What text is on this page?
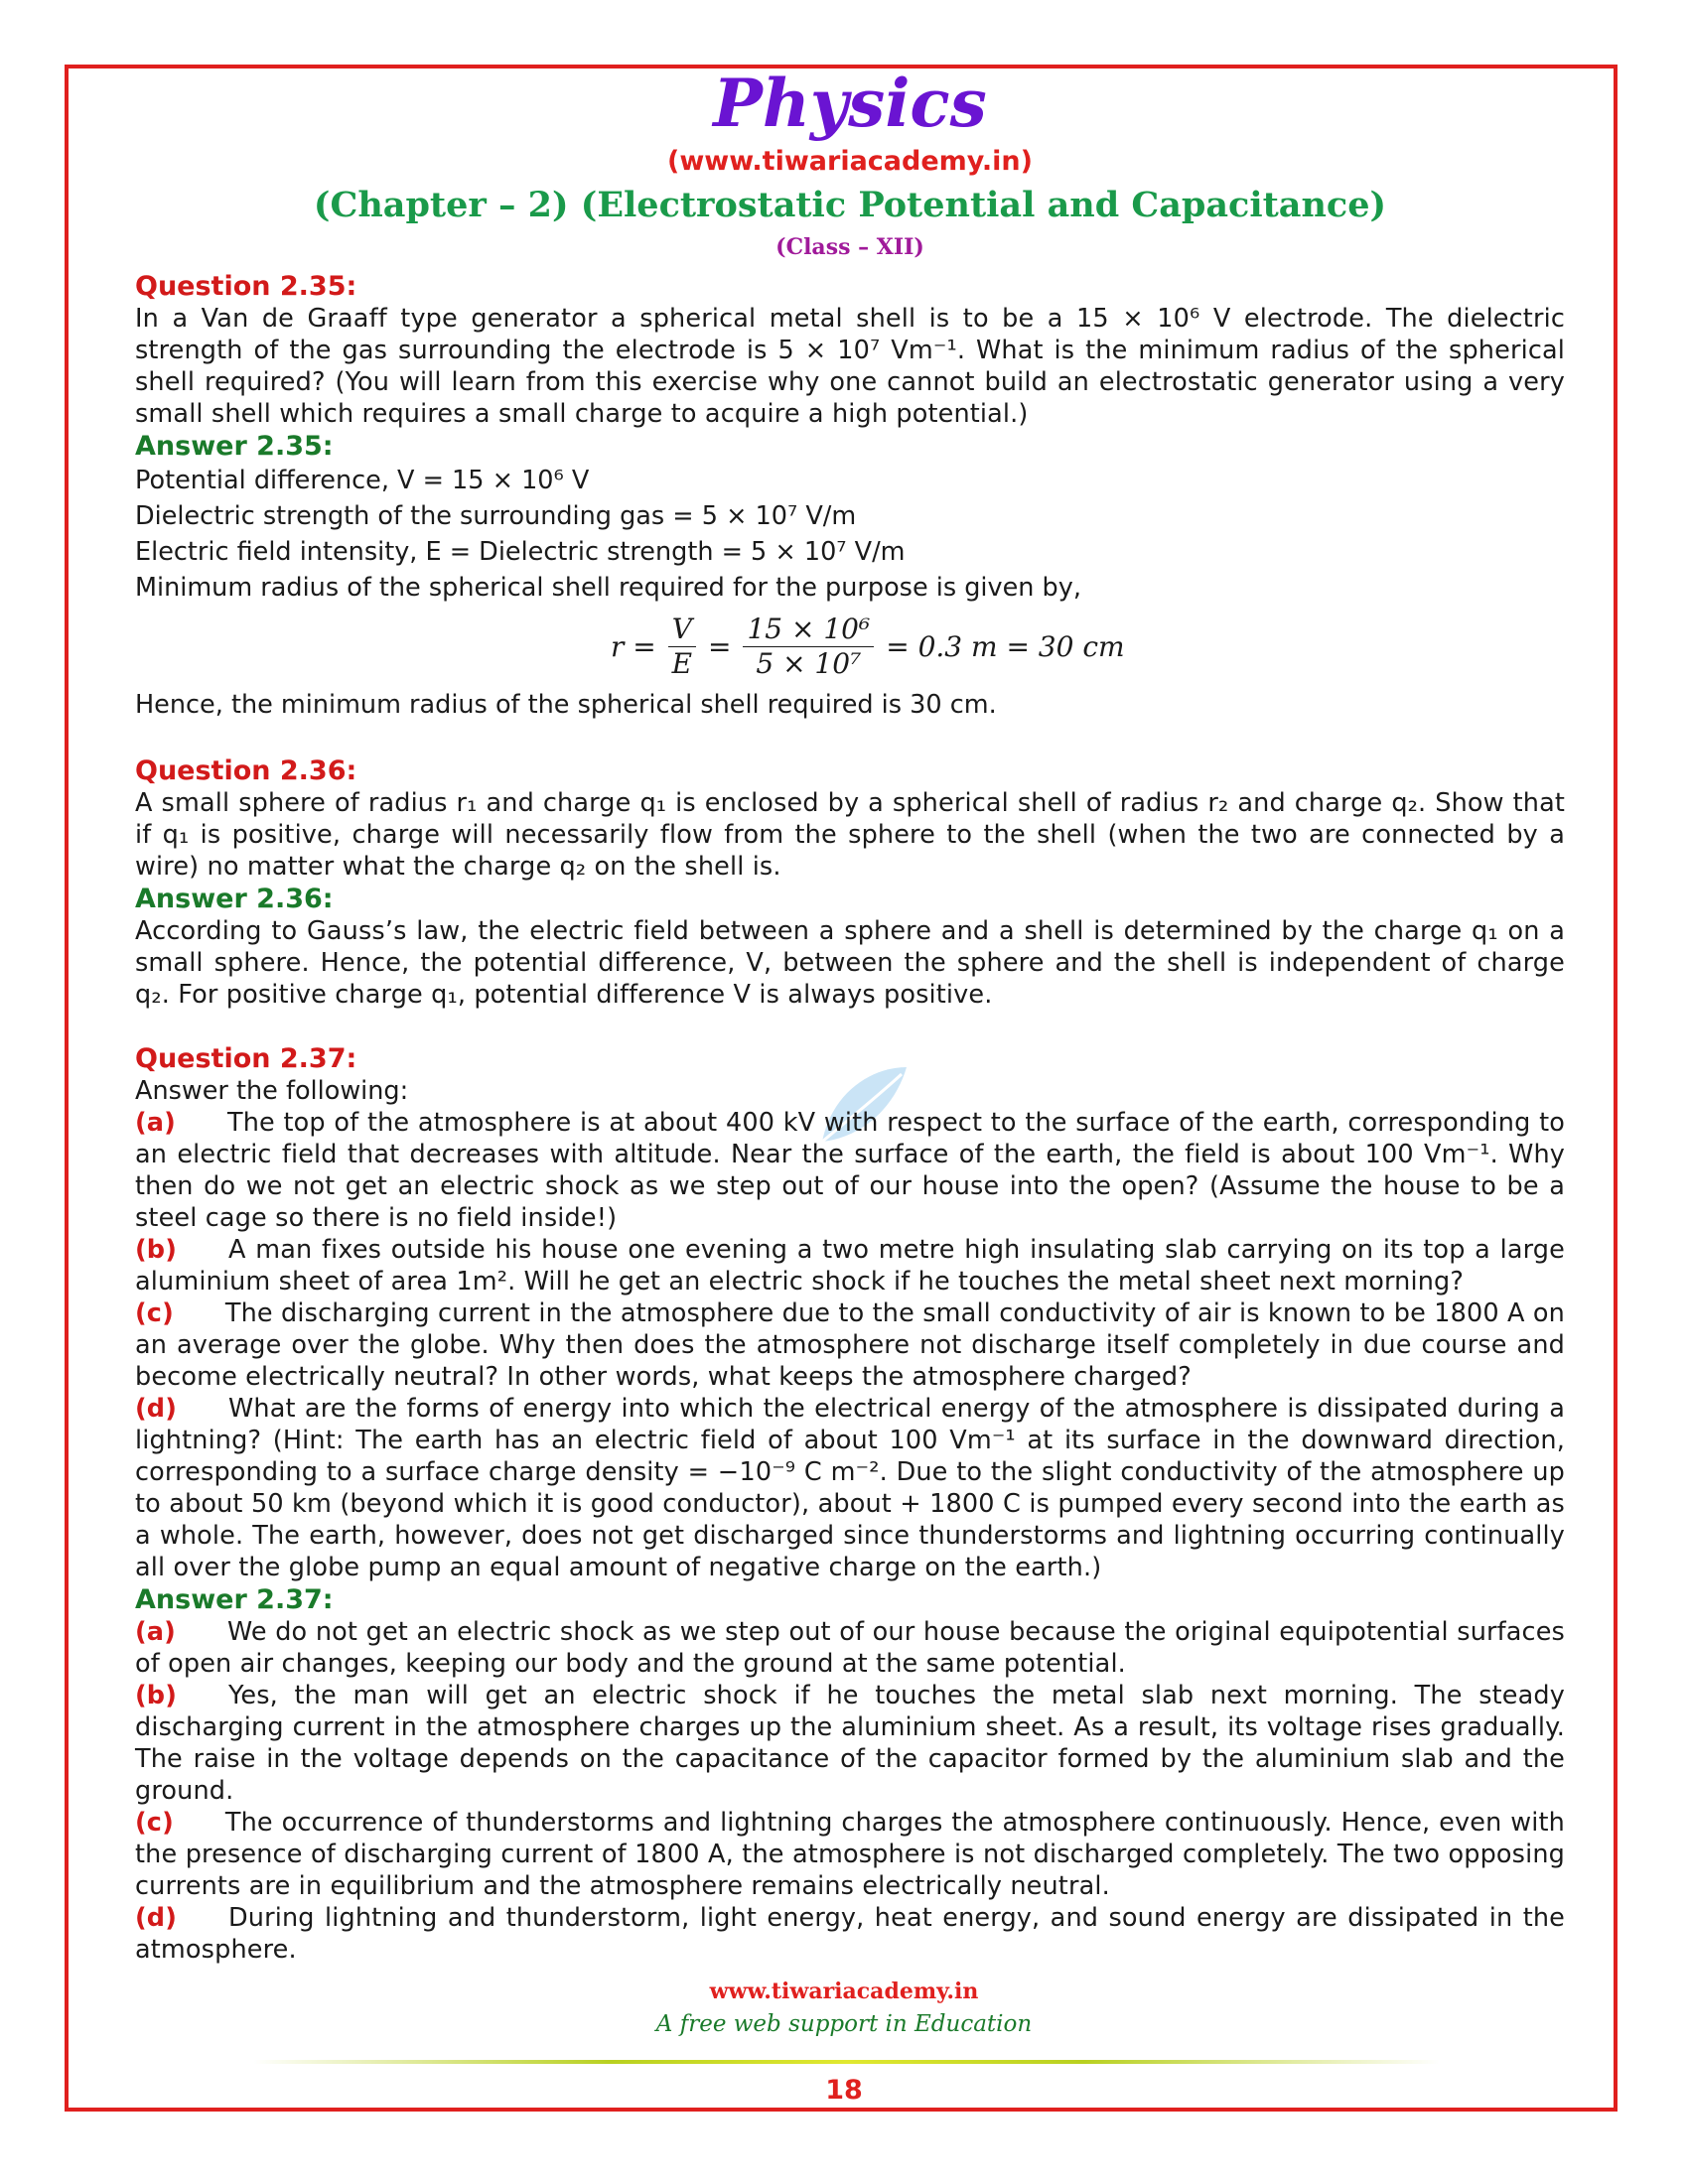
Physics
(www.tiwariacademy.in)
(Chapter – 2) (Electrostatic Potential and Capacitance)
(Class – XII)
Question 2.35:

In a Van de Graaff type generator a spherical metal shell is to be a 15 × 10⁶ V electrode. The dielectric strength of the gas surrounding the electrode is 5 × 10⁷ Vm⁻¹. What is the minimum radius of the spherical shell required? (You will learn from this exercise why one cannot build an electrostatic generator using a very small shell which requires a small charge to acquire a high potential.)

Answer 2.35:
Potential difference, V = 15 × 10⁶ V
Dielectric strength of the surrounding gas = 5 × 10⁷ V/m
Electric field intensity, E = Dielectric strength = 5 × 10⁷ V/m
Minimum radius of the spherical shell required for the purpose is given by,
$r = \frac{V}{E} = \frac{\text{15 × 10⁶}}{\text{5 × 10⁷}} = 0.3$ m = 30 cm
Hence, the minimum radius of the spherical shell required is 30 cm.
Question 2.36:

A small sphere of radius r₁ and charge q₁ is enclosed by a spherical shell of radius r₂ and charge q₂. Show that if q₁ is positive, charge will necessarily flow from the sphere to the shell (when the two are connected by a wire) no matter what the charge q₂ on the shell is.

Answer 2.36:

According to Gauss’s law, the electric field between a sphere and a shell is determined by the charge q₁ on a small sphere. Hence, the potential difference, V, between the sphere and the shell is independent of charge q₂. For positive charge q₁, potential difference V is always positive.

Question 2.37:
Answer the following:

(a) The top of the atmosphere is at about 400 kV with respect to the surface of the earth, corresponding to an electric field that decreases with altitude. Near the surface of the earth, the field is about 100 Vm⁻¹. Why then do we not get an electric shock as we step out of our house into the open? (Assume the house to be a steel cage so there is no field inside!)

(b) A man fixes outside his house one evening a two metre high insulating slab carrying on its top a large aluminium sheet of area 1m². Will he get an electric shock if he touches the metal sheet next morning?

(c) The discharging current in the atmosphere due to the small conductivity of air is known to be 1800 A on an average over the globe. Why then does the atmosphere not discharge itself completely in due course and become electrically neutral? In other words, what keeps the atmosphere charged?

(d) What are the forms of energy into which the electrical energy of the atmosphere is dissipated during a lightning? (Hint: The earth has an electric field of about 100 Vm⁻¹ at its surface in the downward direction, corresponding to a surface charge density = −10⁻⁹ C m⁻². Due to the slight conductivity of the atmosphere up to about 50 km (beyond which it is good conductor), about + 1800 C is pumped every second into the earth as a whole. The earth, however, does not get discharged since thunderstorms and lightning occurring continually all over the globe pump an equal amount of negative charge on the earth.)

Answer 2.37:

(a) We do not get an electric shock as we step out of our house because the original equipotential surfaces of open air changes, keeping our body and the ground at the same potential.

(b) Yes, the man will get an electric shock if he touches the metal slab next morning. The steady discharging current in the atmosphere charges up the aluminium sheet. As a result, its voltage rises gradually. The raise in the voltage depends on the capacitance of the capacitor formed by the aluminium slab and the ground.

(c) The occurrence of thunderstorms and lightning charges the atmosphere continuously. Hence, even with the presence of discharging current of 1800 A, the atmosphere is not discharged completely. The two opposing currents are in equilibrium and the atmosphere remains electrically neutral.

(d) During lightning and thunderstorm, light energy, heat energy, and sound energy are dissipated in the atmosphere.

www.tiwariacademy.in
A free web support in Education
18
